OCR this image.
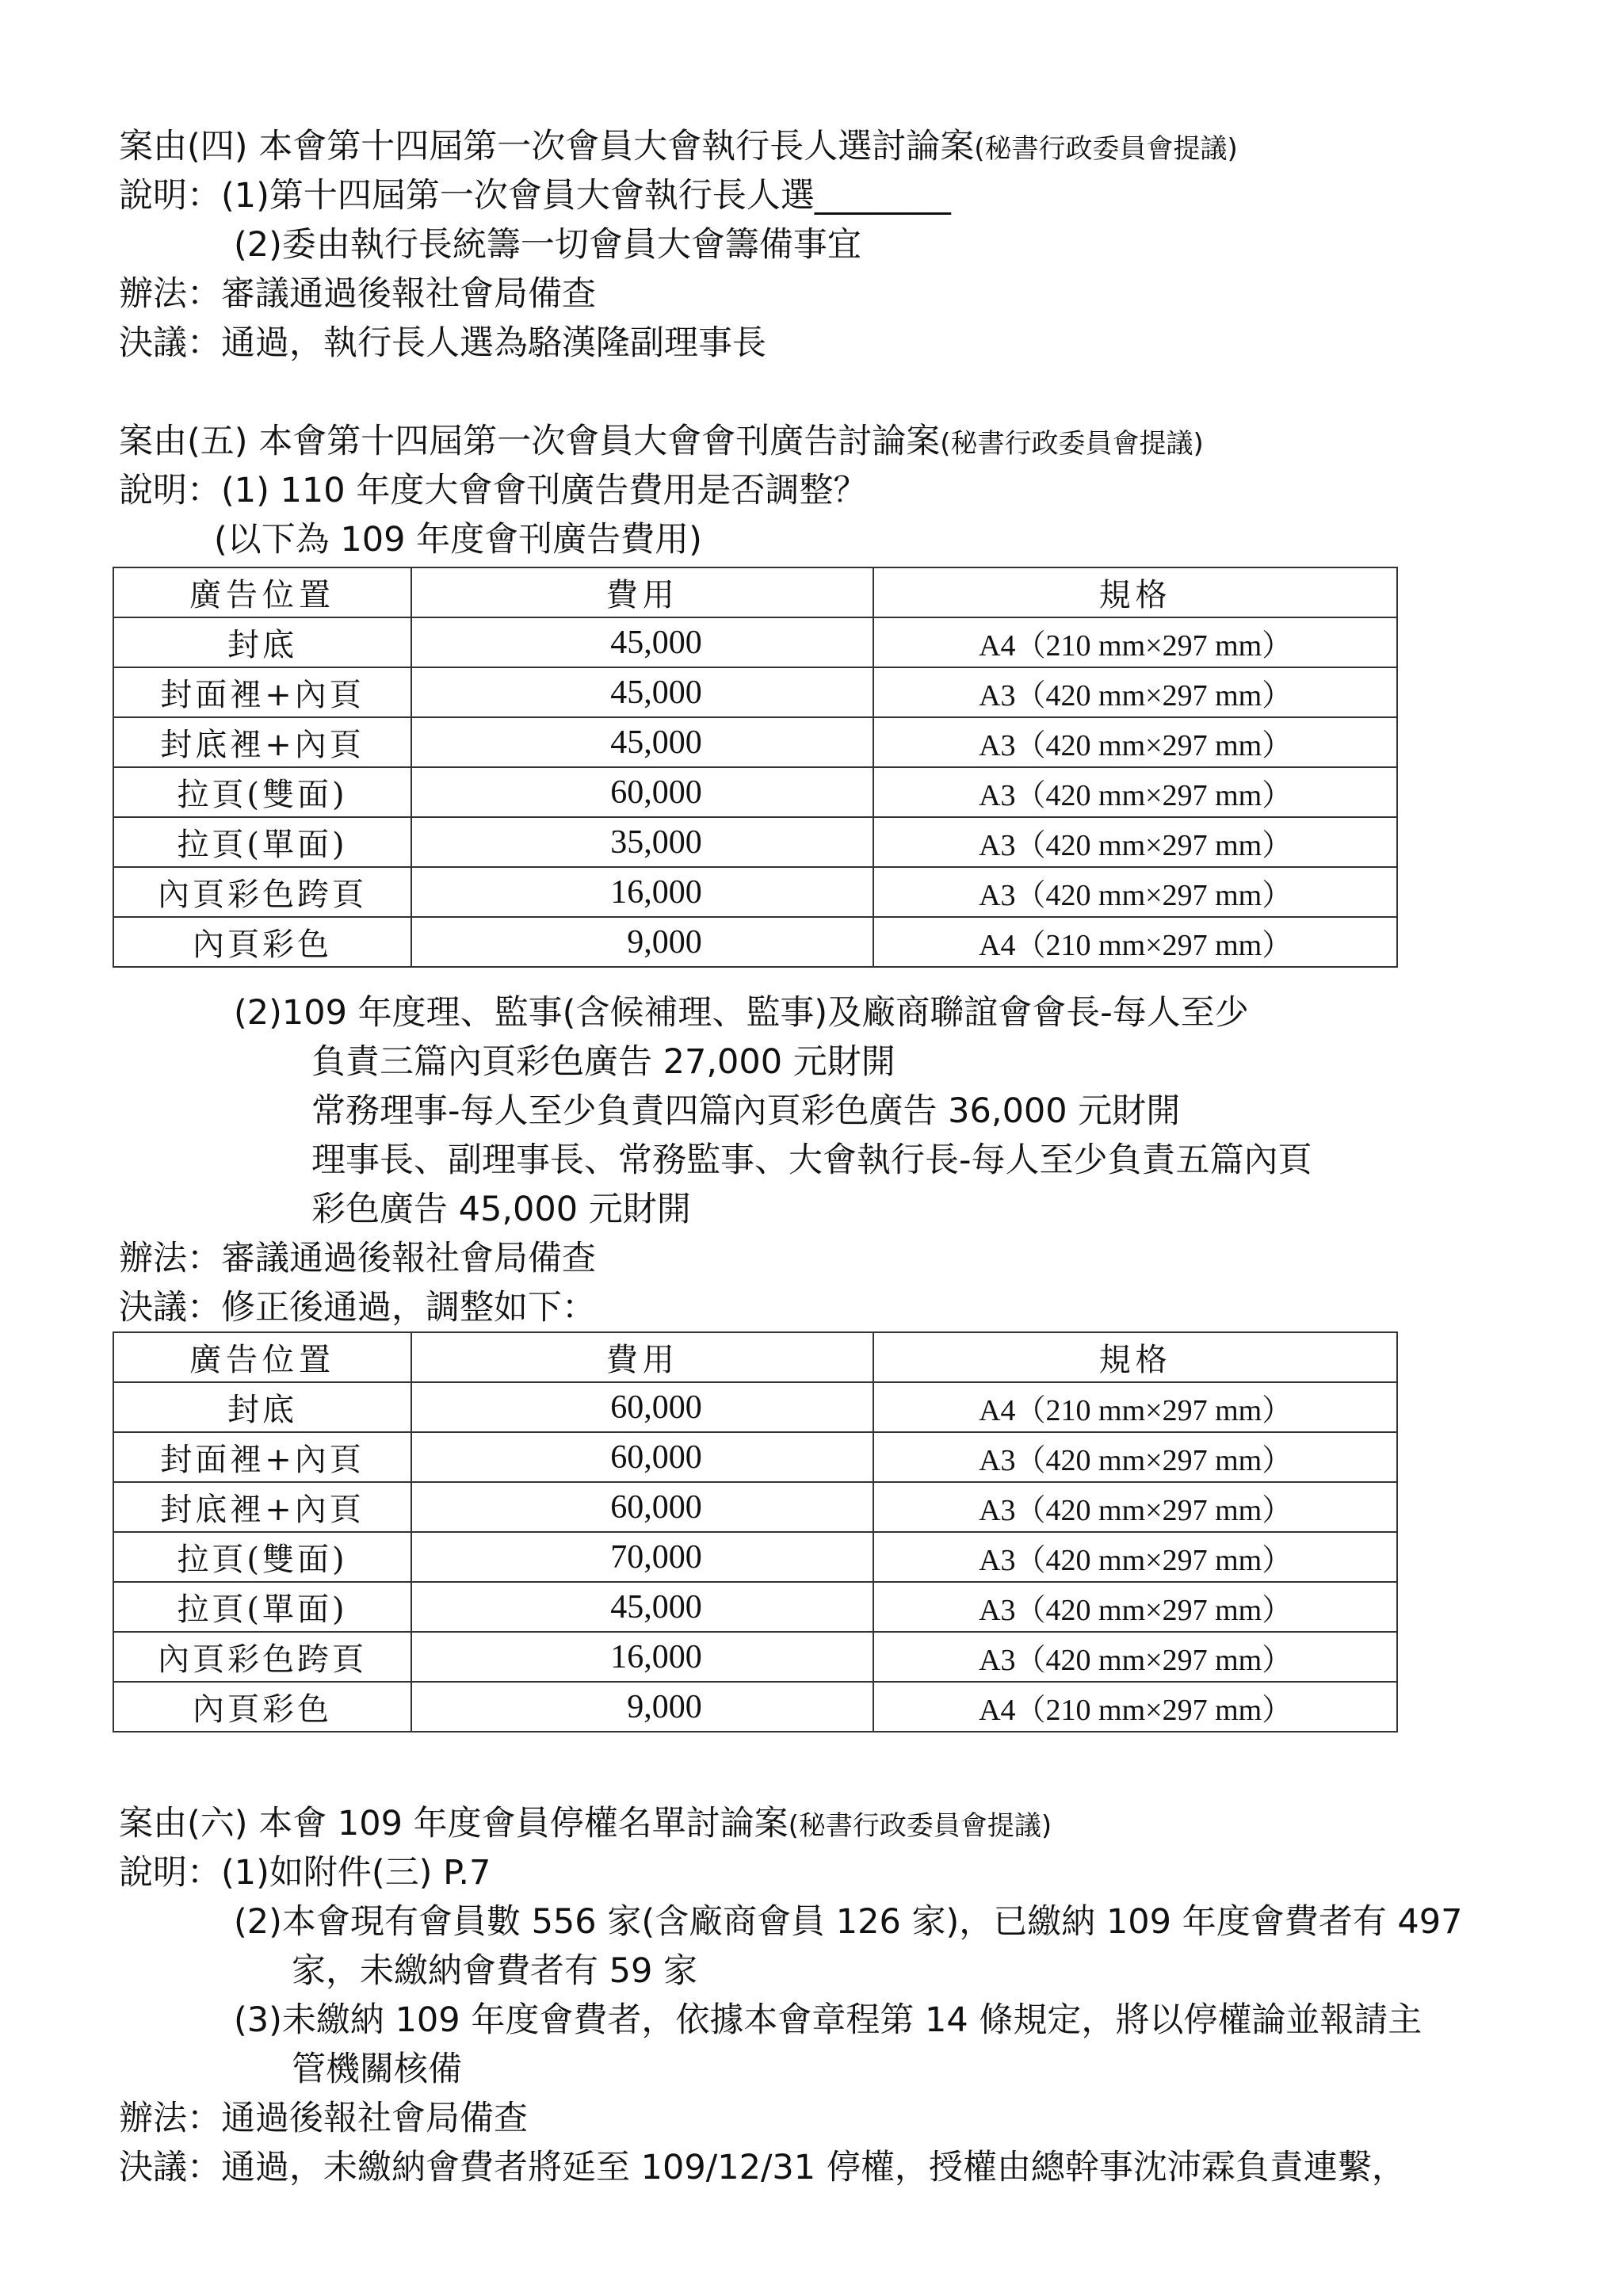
案由(四) 本會第十四屆第一次會員大會執行長人選討論案(秘書行政委員會提議)
說明：(1)第十四屆第一次會員大會執行長人選________
(2)委由執行長統籌一切會員大會籌備事宜
辦法：審議通過後報社會局備查
決議：通過，執行長人選為駱漢隆副理事長
案由(五) 本會第十四屆第一次會員大會會刊廣告討論案(秘書行政委員會提議)
說明：(1) 110 年度大會會刊廣告費用是否調整？
(以下為 109 年度會刊廣告費用)
廣告位置	費用	規格
封底	45,000	A4（210 mm×297 mm）
封面裡+內頁	45,000	A3（420 mm×297 mm）
封底裡+內頁	45,000	A3（420 mm×297 mm）
拉頁(雙面)	60,000	A3（420 mm×297 mm）
拉頁(單面)	35,000	A3（420 mm×297 mm）
內頁彩色跨頁	16,000	A3（420 mm×297 mm）
內頁彩色	9,000	A4（210 mm×297 mm）
(2)109 年度理、監事(含候補理、監事)及廠商聯誼會會長-每人至少
負責三篇內頁彩色廣告 27,000 元財開
常務理事-每人至少負責四篇內頁彩色廣告 36,000 元財開
理事長、副理事長、常務監事、大會執行長-每人至少負責五篇內頁
彩色廣告 45,000 元財開
辦法：審議通過後報社會局備查
決議：修正後通過，調整如下：
廣告位置	費用	規格
封底	60,000	A4（210 mm×297 mm）
封面裡+內頁	60,000	A3（420 mm×297 mm）
封底裡+內頁	60,000	A3（420 mm×297 mm）
拉頁(雙面)	70,000	A3（420 mm×297 mm）
拉頁(單面)	45,000	A3（420 mm×297 mm）
內頁彩色跨頁	16,000	A3（420 mm×297 mm）
內頁彩色	9,000	A4（210 mm×297 mm）
案由(六) 本會 109 年度會員停權名單討論案(秘書行政委員會提議)
說明：(1)如附件(三) P.7
(2)本會現有會員數 556 家(含廠商會員 126 家)，已繳納 109 年度會費者有 497
家，未繳納會費者有 59 家
(3)未繳納 109 年度會費者，依據本會章程第 14 條規定，將以停權論並報請主
管機關核備
辦法：通過後報社會局備查
決議：通過，未繳納會費者將延至 109/12/31 停權，授權由總幹事沈沛霖負責連繫，
